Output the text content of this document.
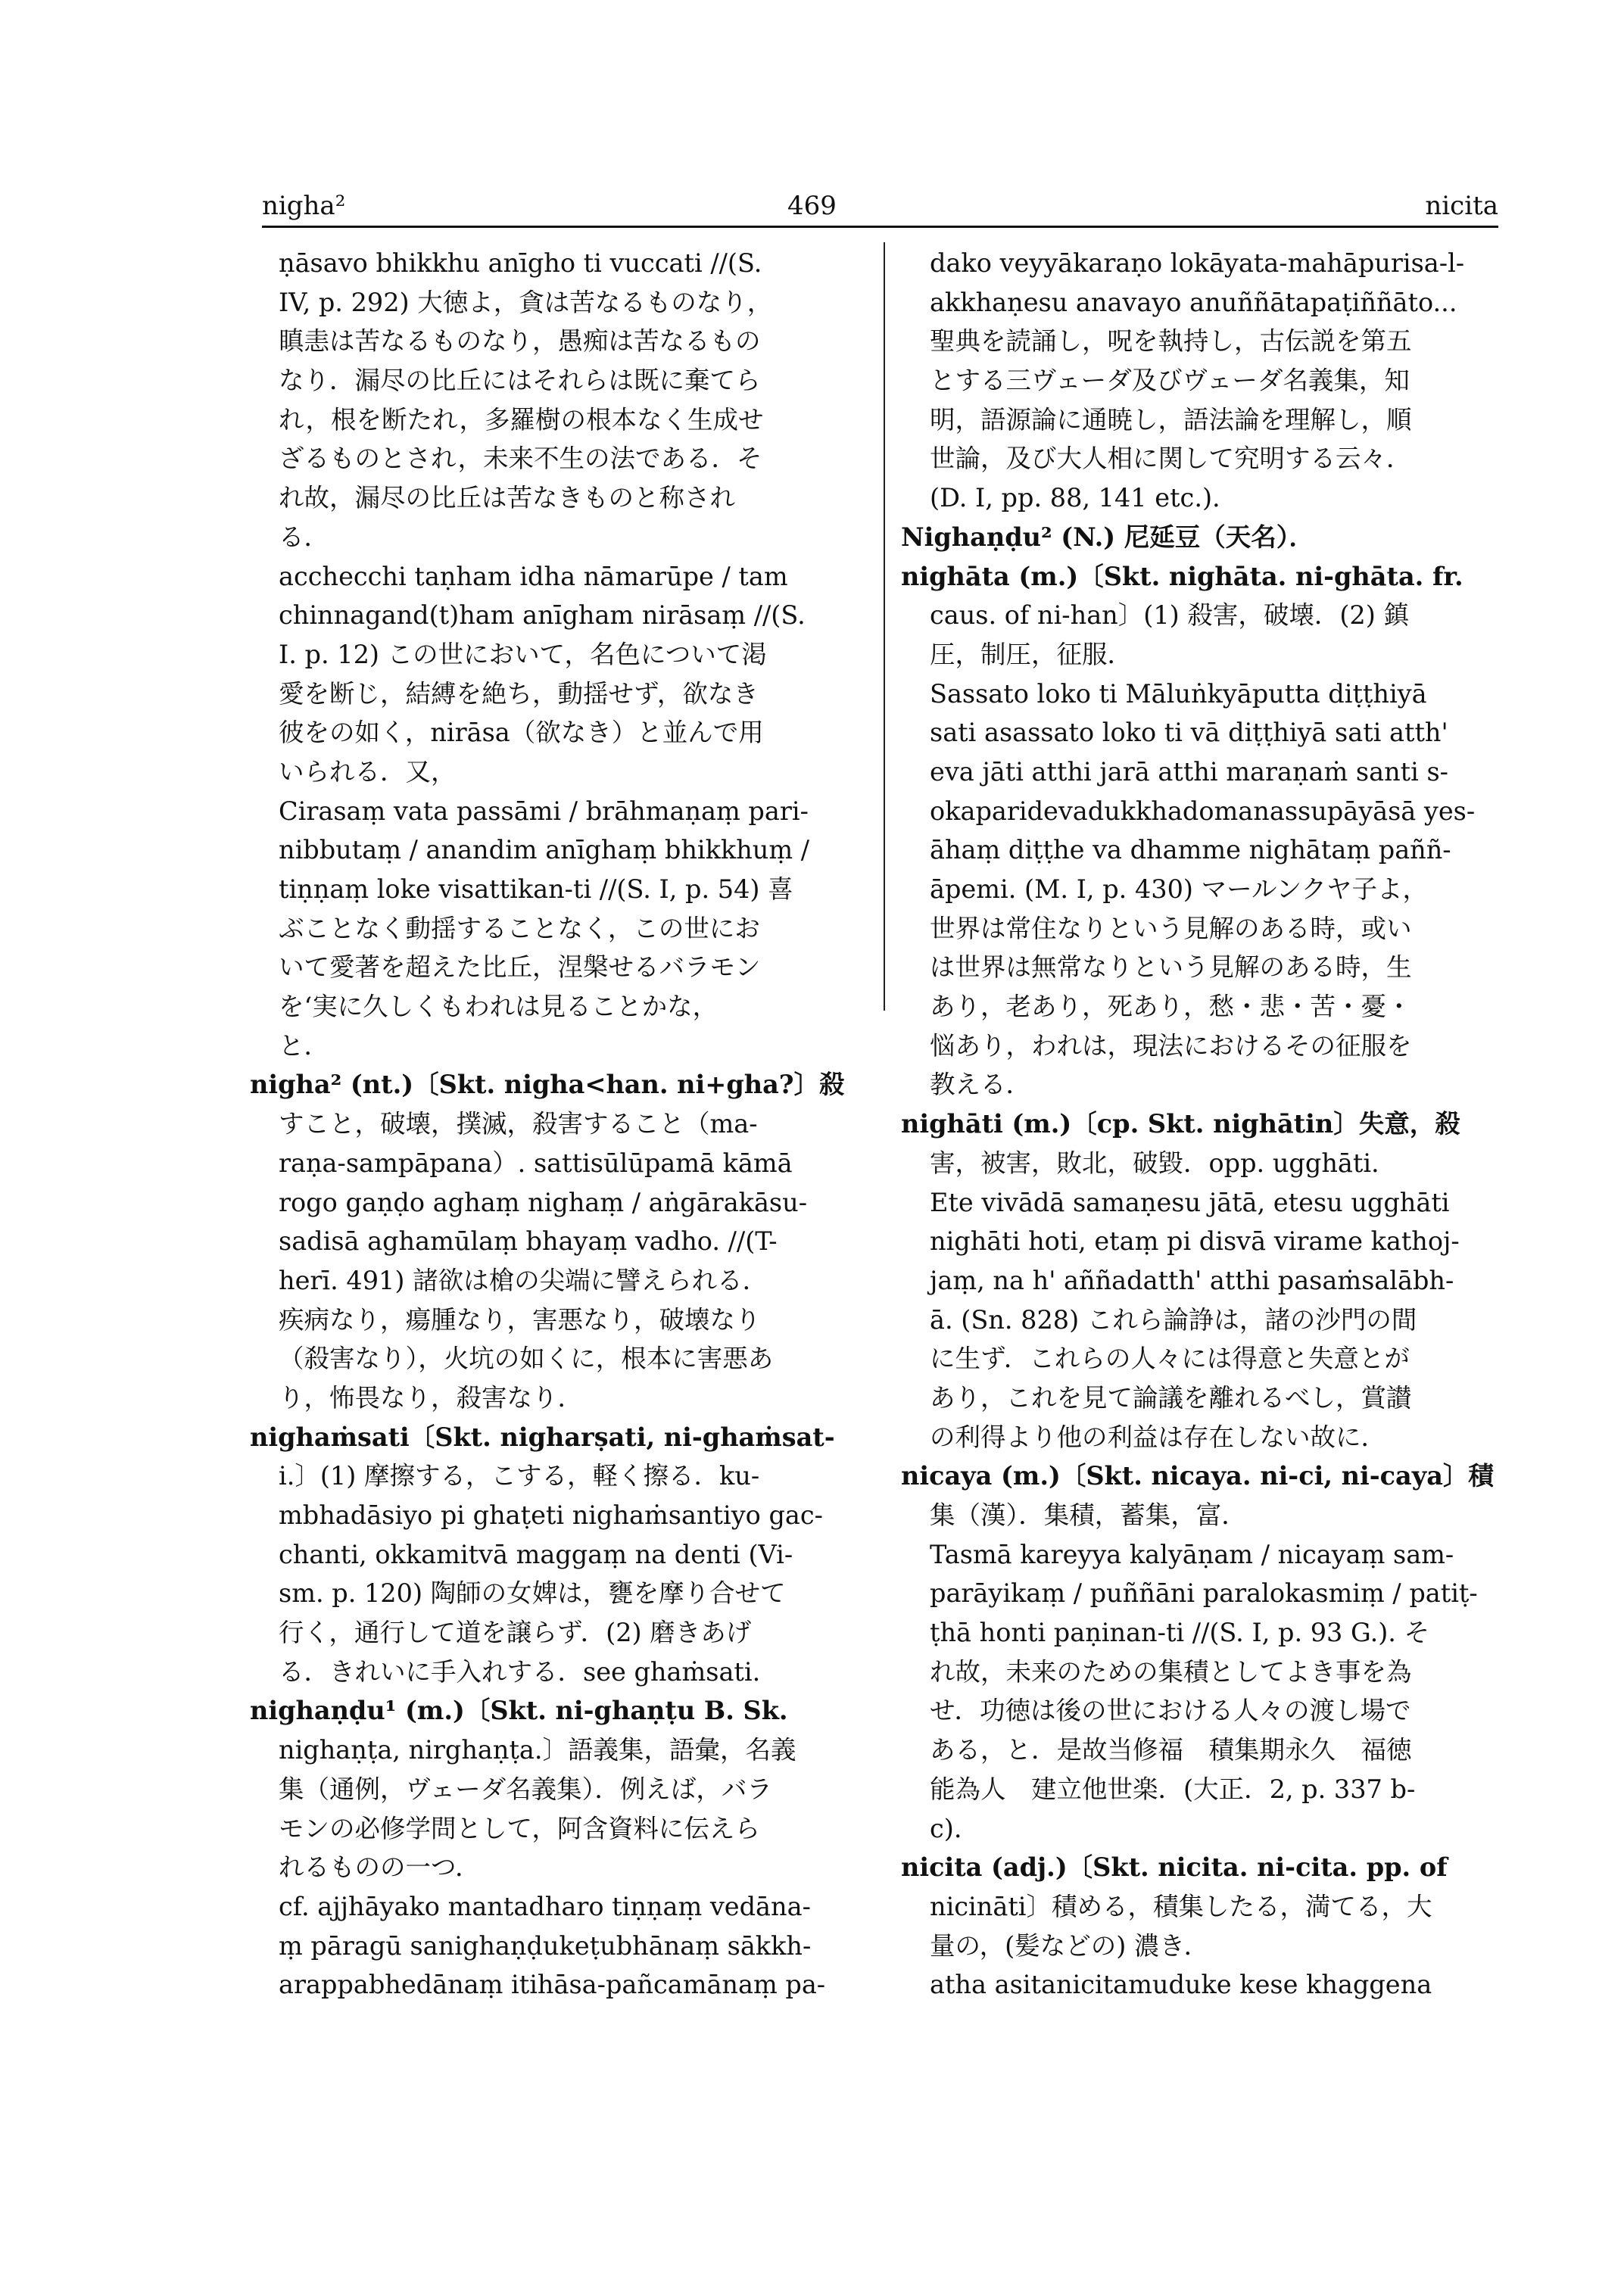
nigha²	469	nicita
ṇāsavo bhikkhu anīgho ti vuccati //(S.
IV, p. 292) 大徳よ，貪は苦なるものなり，
瞋恚は苦なるものなり，愚痴は苦なるもの
なり．漏尽の比丘にはそれらは既に棄てら
れ，根を断たれ，多羅樹の根本なく生成せ
ざるものとされ，未来不生の法である．そ
れ故，漏尽の比丘は苦なきものと称され
る．
acchecchi taṇham idha nāmarūpe / tam
chinnagand(t)ham anīgham nirāsaṃ //(S.
I. p. 12) この世において，名色について渇
愛を断じ，結縛を絶ち，動揺せず，欲なき
彼をの如く，nirāsa（欲なき）と並んで用
いられる．又，
Cirasaṃ vata passāmi / brāhmaṇaṃ pari-
nibbutaṃ / anandim anīghaṃ bhikkhuṃ /
tiṇṇaṃ loke visattikan-ti //(S. I, p. 54) 喜
ぶことなく動揺することなく，この世にお
いて愛著を超えた比丘，涅槃せるバラモン
を‘実に久しくもわれは見ることかな，
と．
nigha² (nt.)〔Skt. nigha<han. ni+gha?〕殺
すこと，破壊，撲滅，殺害すること（ma-
raṇa-sampāpana）. sattisūlūpamā kāmā
rogo gaṇḍo aghaṃ nighaṃ / aṅgārakāsu-
sadisā aghamūlaṃ bhayaṃ vadho. //(T-
herī. 491) 諸欲は槍の尖端に譬えられる．
疾病なり，瘍腫なり，害悪なり，破壊なり
（殺害なり），火坑の如くに，根本に害悪あ
り，怖畏なり，殺害なり．
nighaṁsati〔Skt. nigharṣati, ni-ghaṁsat-
i.〕(1) 摩擦する，こする，軽く擦る．ku-
mbhadāsiyo pi ghaṭeti nighaṁsantiyo gac-
chanti, okkamitvā maggaṃ na denti (Vi-
sm. p. 120) 陶師の女婢は，甕を摩り合せて
行く，通行して道を譲らず．(2) 磨きあげ
る．きれいに手入れする．see ghaṁsati.
nighaṇḍu¹ (m.)〔Skt. ni-ghaṇṭu B. Sk.
nighaṇṭa, nirghaṇṭa.〕語義集，語彙，名義
集（通例，ヴェーダ名義集）．例えば，バラ
モンの必修学問として，阿含資料に伝えら
れるものの一つ．
cf. ajjhāyako mantadharo tiṇṇaṃ vedāna-
ṃ pāragū sanighaṇḍukeṭubhānaṃ sākkh-
arappabhedānaṃ itihāsa-pañcamānaṃ pa-
dako veyyākaraṇo lokāyata-mahāpurisa-l-
akkhaṇesu anavayo anuññātapaṭiññāto...
聖典を読誦し，呪を執持し，古伝説を第五
とする三ヴェーダ及びヴェーダ名義集，知
明，語源論に通暁し，語法論を理解し，順
世論，及び大人相に関して究明する云々．
(D. I, pp. 88, 141 etc.).
Nighaṇḍu² (N.) 尼延豆（天名）．
nighāta (m.)〔Skt. nighāta. ni-ghāta. fr.
caus. of ni-han〕(1) 殺害，破壊．(2) 鎮
圧，制圧，征服．
Sassato loko ti Māluṅkyāputta diṭṭhiyā
sati asassato loko ti vā diṭṭhiyā sati atth'
eva jāti atthi jarā atthi maraṇaṁ santi s-
okaparidevadukkhadomanassupāyāsā yes-
āhaṃ diṭṭhe va dhamme nighātaṃ paññ-
āpemi. (M. I, p. 430) マールンクヤ子よ，
世界は常住なりという見解のある時，或い
は世界は無常なりという見解のある時，生
あり，老あり，死あり，愁・悲・苦・憂・
悩あり，われは，現法におけるその征服を
教える．
nighāti (m.)〔cp. Skt. nighātin〕失意，殺
害，被害，敗北，破毀．opp. ugghāti.
Ete vivādā samaṇesu jātā, etesu ugghāti
nighāti hoti, etaṃ pi disvā virame kathoj-
jaṃ, na h' aññadatth' atthi pasaṁsalābh-
ā. (Sn. 828) これら論諍は，諸の沙門の間
に生ず．これらの人々には得意と失意とが
あり，これを見て論議を離れるべし，賞讃
の利得より他の利益は存在しない故に．
nicaya (m.)〔Skt. nicaya. ni-ci, ni-caya〕積
集（漢）．集積，蓄集，富．
Tasmā kareyya kalyāṇam / nicayaṃ sam-
parāyikaṃ / puññāni paralokasmiṃ / patiṭ-
ṭhā honti paṇinan-ti //(S. I, p. 93 G.). そ
れ故，未来のための集積としてよき事を為
せ．功徳は後の世における人々の渡し場で
ある，と．是故当修福　積集期永久　福徳
能為人　建立他世楽．(大正．2, p. 337 b-
c).
nicita (adj.)〔Skt. nicita. ni-cita. pp. of
nicināti〕積める，積集したる，満てる，大
量の，(髪などの) 濃き．
atha asitanicitamuduke kese khaggena
